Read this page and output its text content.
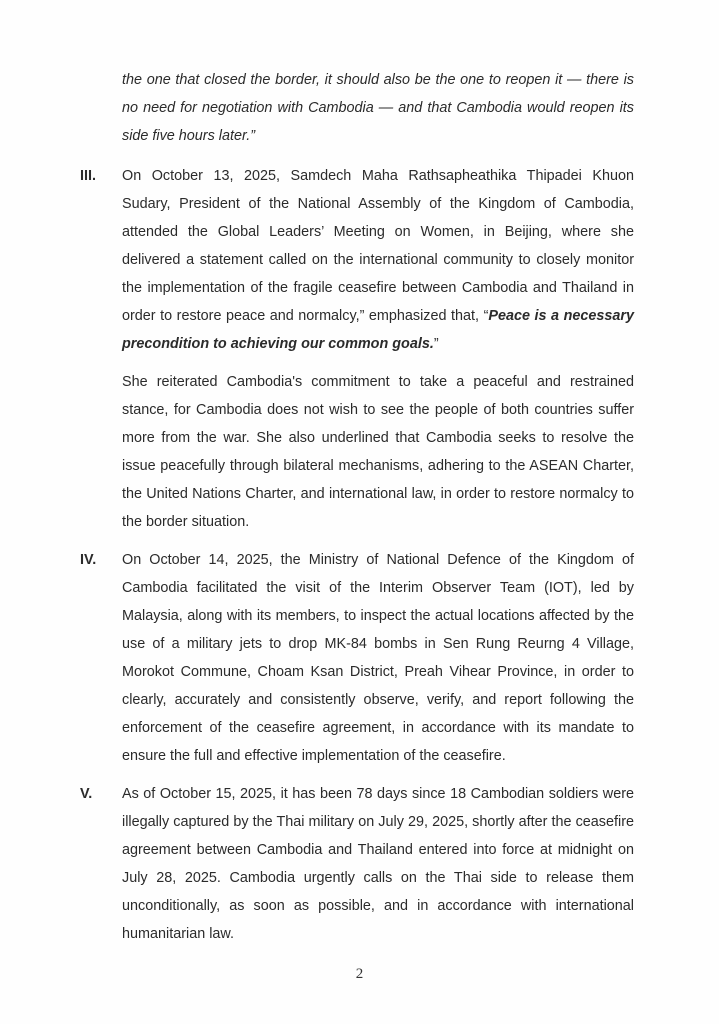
the one that closed the border, it should also be the one to reopen it — there is no need for negotiation with Cambodia — and that Cambodia would reopen its side five hours later.”

III.	On October 13, 2025, Samdech Maha Rathsapheathika Thipadei Khuon Sudary, President of the National Assembly of the Kingdom of Cambodia, attended the Global Leaders’ Meeting on Women, in Beijing, where she delivered a statement called on the international community to closely monitor the implementation of the fragile ceasefire between Cambodia and Thailand in order to restore peace and normalcy,” emphasized that, “Peace is a necessary precondition to achieving our common goals.”

She reiterated Cambodia's commitment to take a peaceful and restrained stance, for Cambodia does not wish to see the people of both countries suffer more from the war. She also underlined that Cambodia seeks to resolve the issue peacefully through bilateral mechanisms, adhering to the ASEAN Charter, the United Nations Charter, and international law, in order to restore normalcy to the border situation.

IV.	On October 14, 2025, the Ministry of National Defence of the Kingdom of Cambodia facilitated the visit of the Interim Observer Team (IOT), led by Malaysia, along with its members, to inspect the actual locations affected by the use of a military jets to drop MK-84 bombs in Sen Rung Reurng 4 Village, Morokot Commune, Choam Ksan District, Preah Vihear Province, in order to clearly, accurately and consistently observe, verify, and report following the enforcement of the ceasefire agreement, in accordance with its mandate to ensure the full and effective implementation of the ceasefire.

V.	As of October 15, 2025, it has been 78 days since 18 Cambodian soldiers were illegally captured by the Thai military on July 29, 2025, shortly after the ceasefire agreement between Cambodia and Thailand entered into force at midnight on July 28, 2025. Cambodia urgently calls on the Thai side to release them unconditionally, as soon as possible, and in accordance with international humanitarian law.

2
